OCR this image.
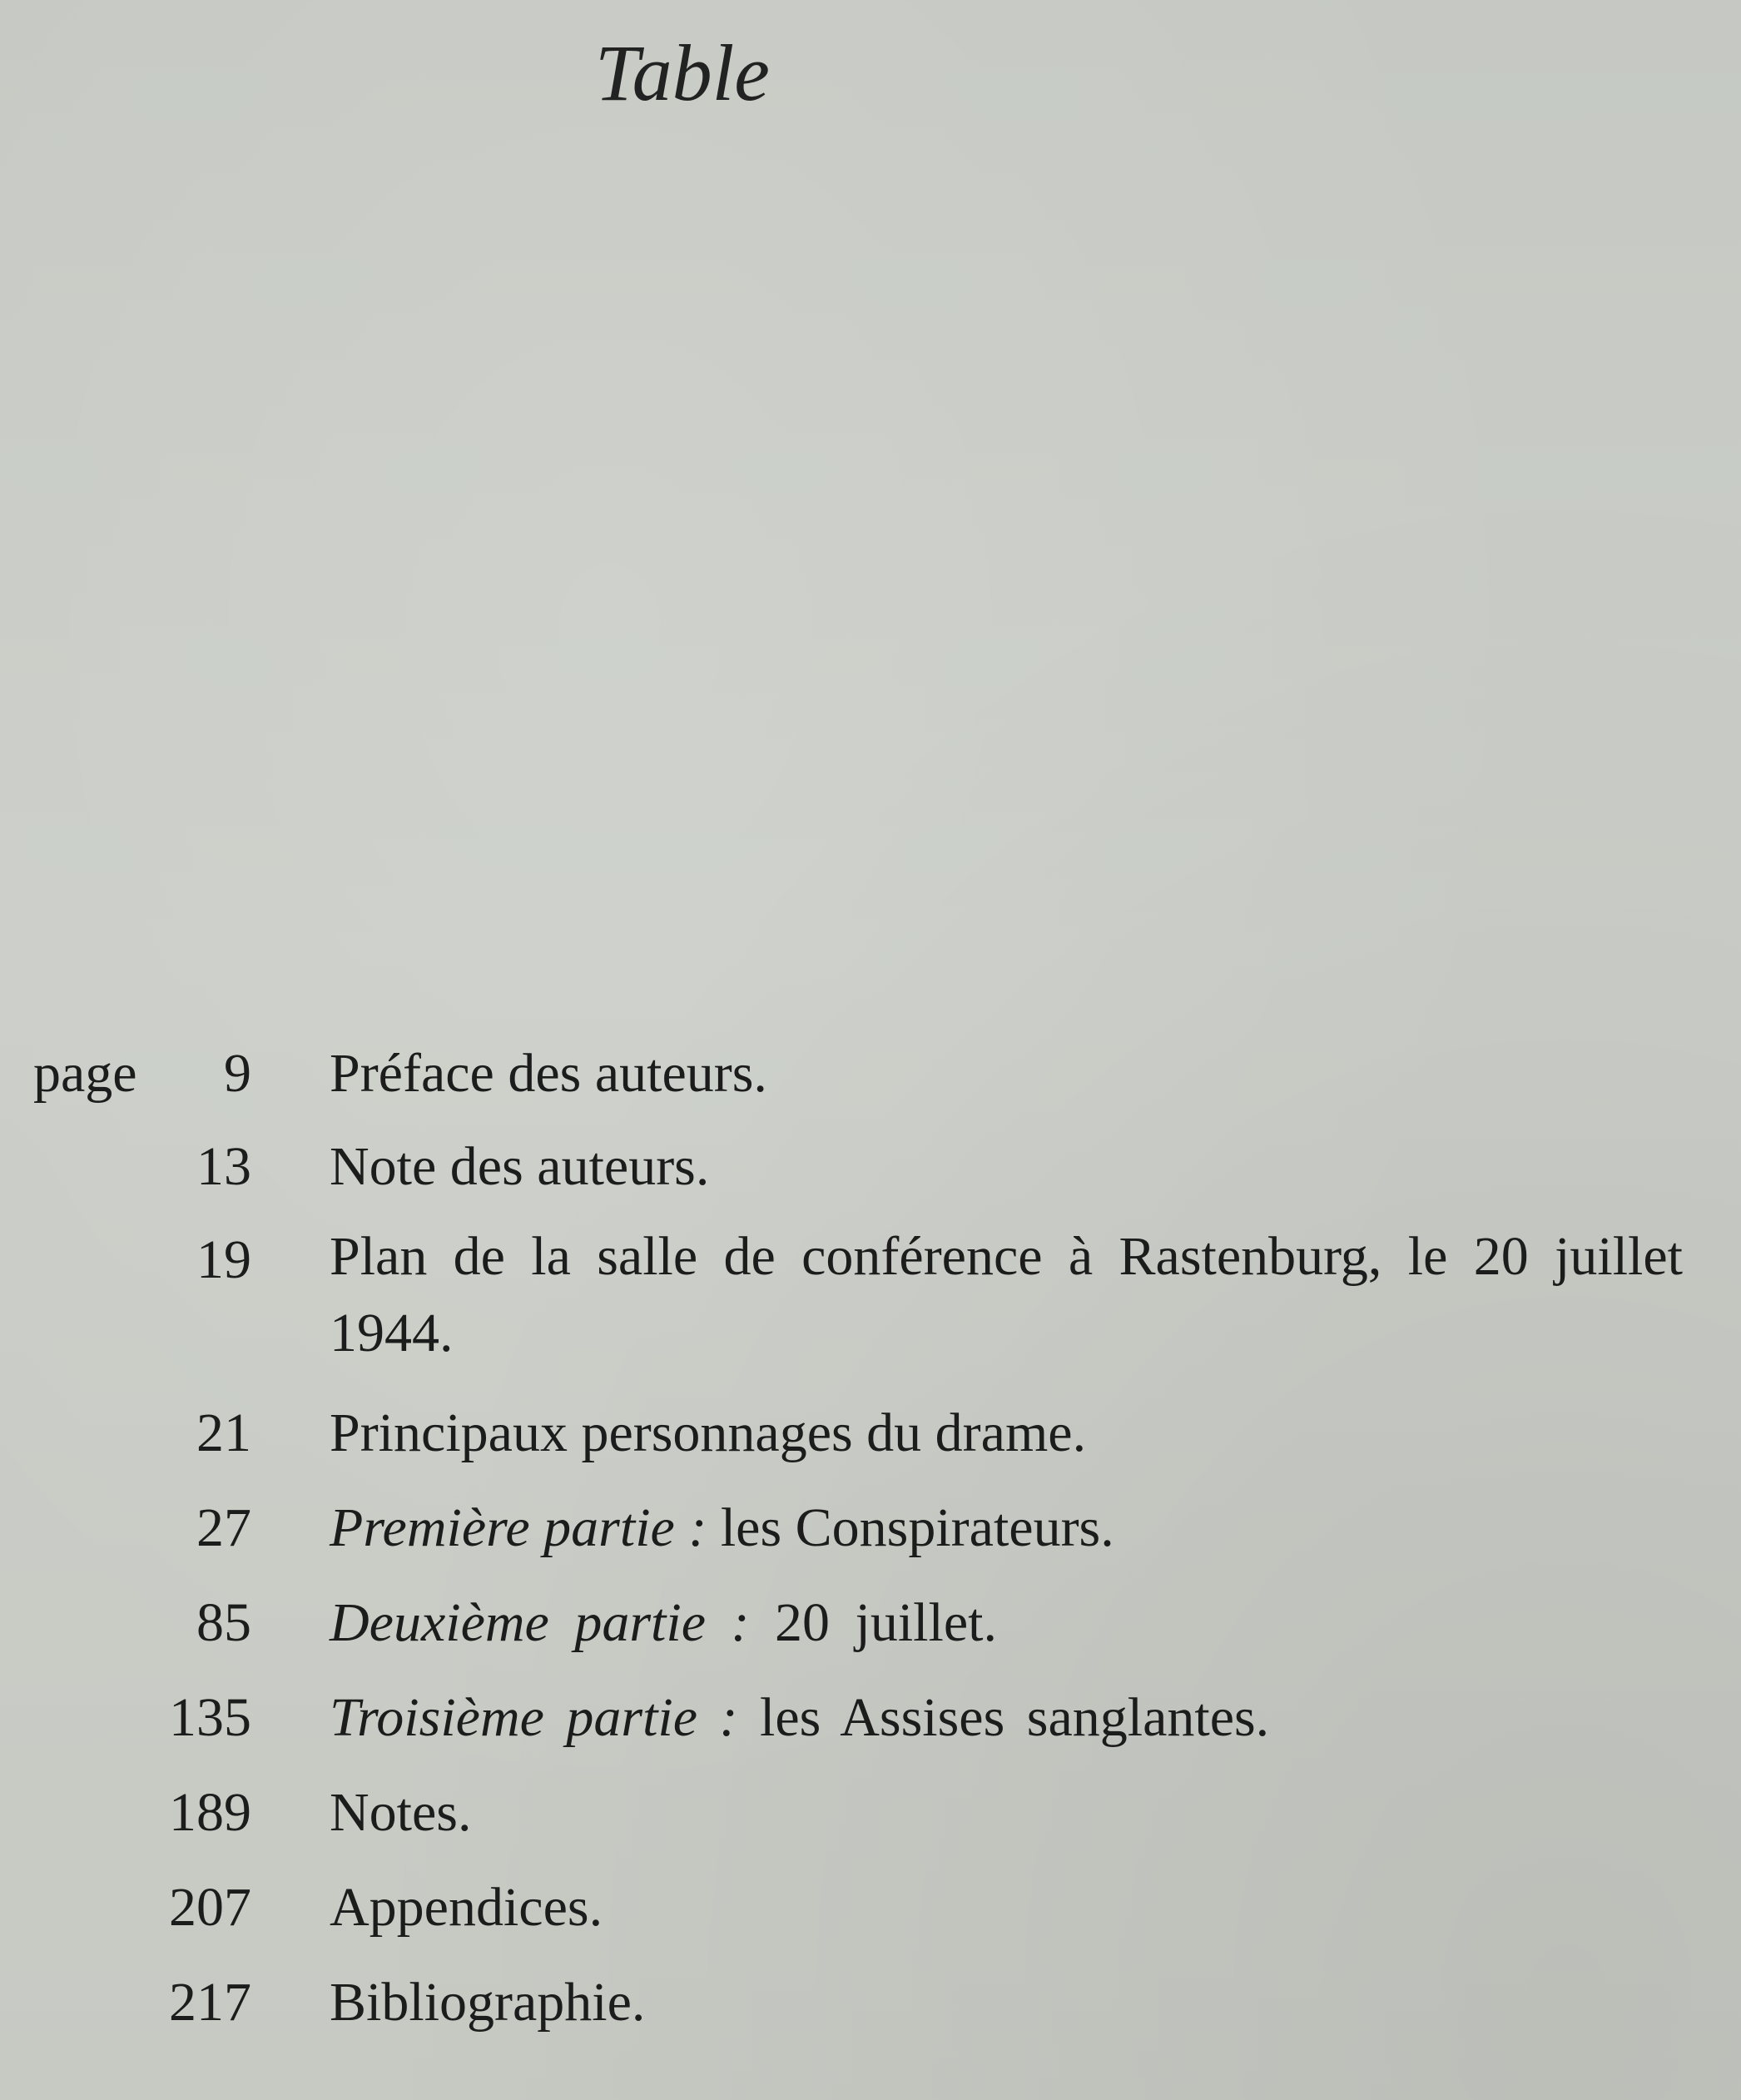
Table
page 9 Préface des auteurs.
13 Note des auteurs.
19 Plan de la salle de conférence à Rastenburg, le 20 juillet 1944.
21 Principaux personnages du drame.
27 Première partie : les Conspirateurs.
85 Deuxième partie : 20 juillet.
135 Troisième partie : les Assises sanglantes.
189 Notes.
207 Appendices.
217 Bibliographie.
